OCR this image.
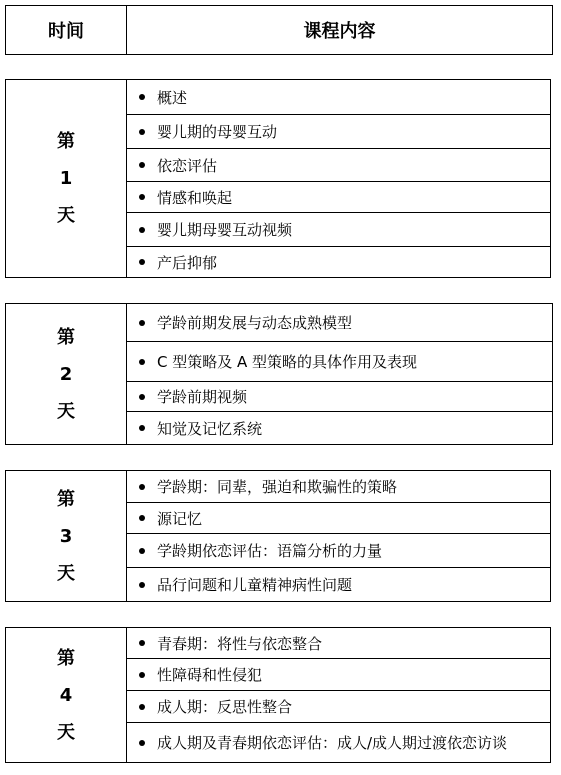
时间	课程内容
第
1
天
	概述
婴儿期的母婴互动
依恋评估
情感和唤起
婴儿期母婴互动视频
产后抑郁
第
2
天
	学龄前期发展与动态成熟模型
C 型策略及 A 型策略的具体作用及表现
学龄前期视频
知觉及记忆系统
第
3
天
	学龄期：同辈，强迫和欺骗性的策略
源记忆
学龄期依恋评估：语篇分析的力量
品行问题和儿童精神病性问题
第
4
天
	青春期：将性与依恋整合
性障碍和性侵犯
成人期：反思性整合
成人期及青春期依恋评估：成人/成人期过渡依恋访谈
